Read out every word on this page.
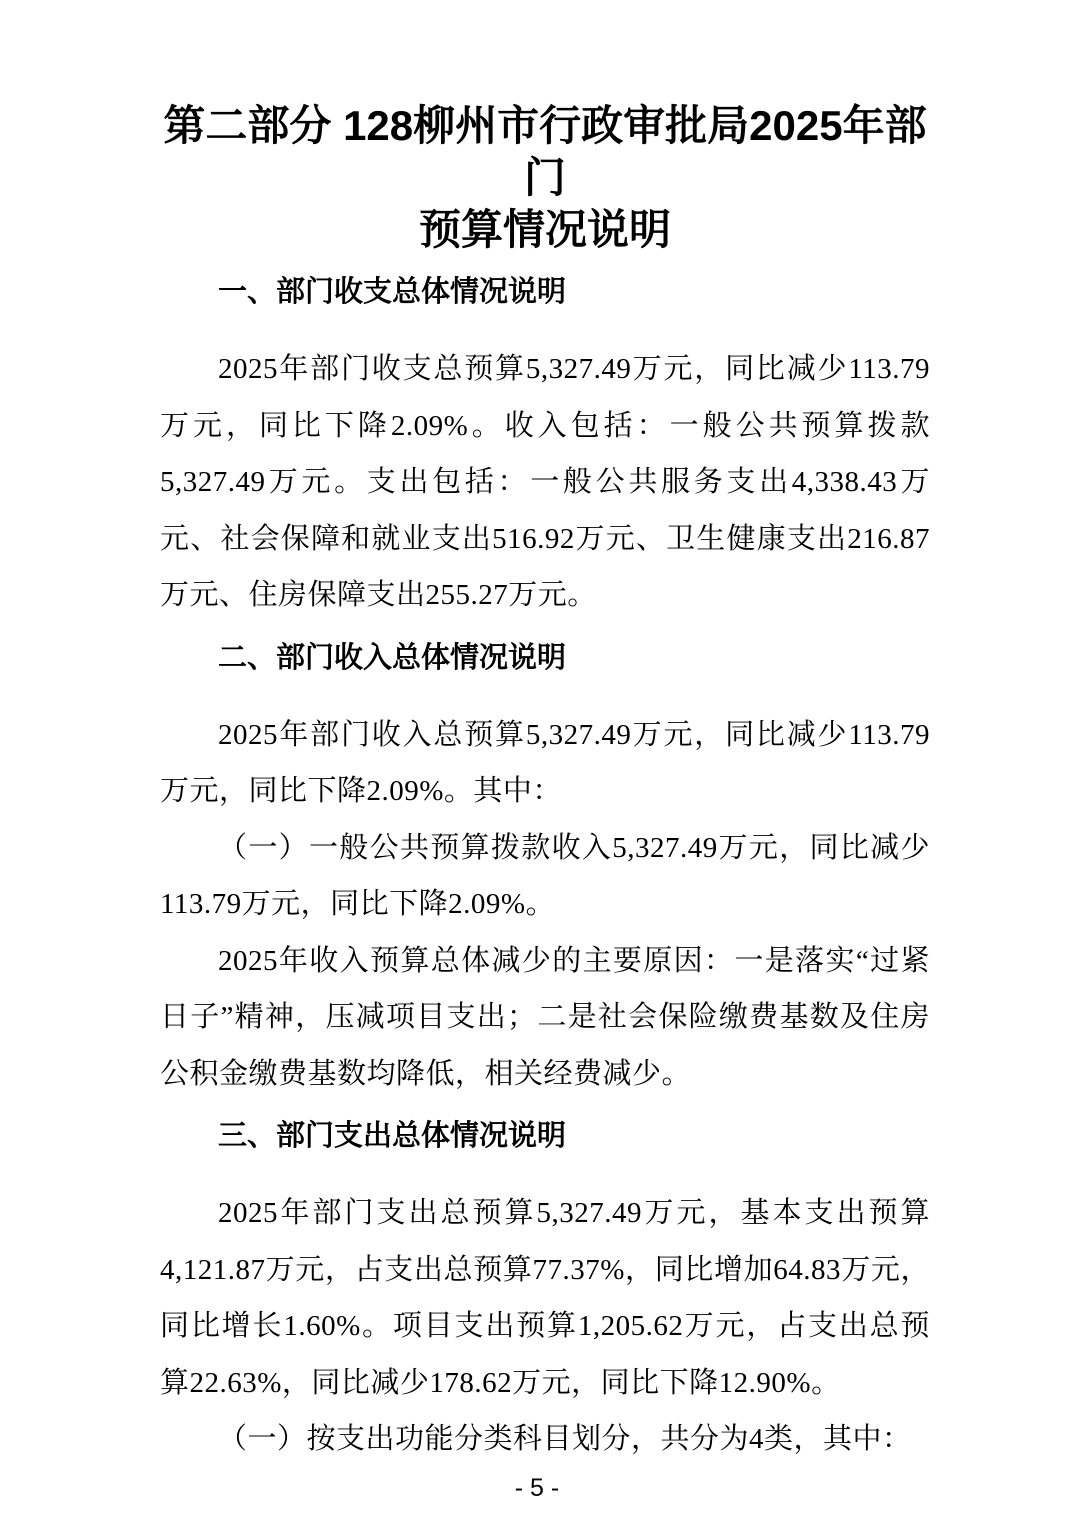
第二部分 128柳州市行政审批局2025年部门
预算情况说明
一、部门收支总体情况说明

2025年部门收支总预算5,327.49万元，同比减少113.79万元，同比下降2.09%。收入包括：一般公共预算拨款5,327.49万元。支出包括：一般公共服务支出4,338.43万元、社会保障和就业支出516.92万元、卫生健康支出216.87万元、住房保障支出255.27万元。

二、部门收入总体情况说明

2025年部门收入总预算5,327.49万元，同比减少113.79万元，同比下降2.09%。其中：

（一）一般公共预算拨款收入5,327.49万元，同比减少113.79万元，同比下降2.09%。

2025年收入预算总体减少的主要原因：一是落实“过紧日子”精神，压减项目支出；二是社会保险缴费基数及住房公积金缴费基数均降低，相关经费减少。

三、部门支出总体情况说明

2025年部门支出总预算5,327.49万元，基本支出预算4,121.87万元，占支出总预算77.37%，同比增加64.83万元，同比增长1.60%。项目支出预算1,205.62万元，占支出总预算22.63%，同比减少178.62万元，同比下降12.90%。

（一）按支出功能分类科目划分，共分为4类，其中：

- 5 -
